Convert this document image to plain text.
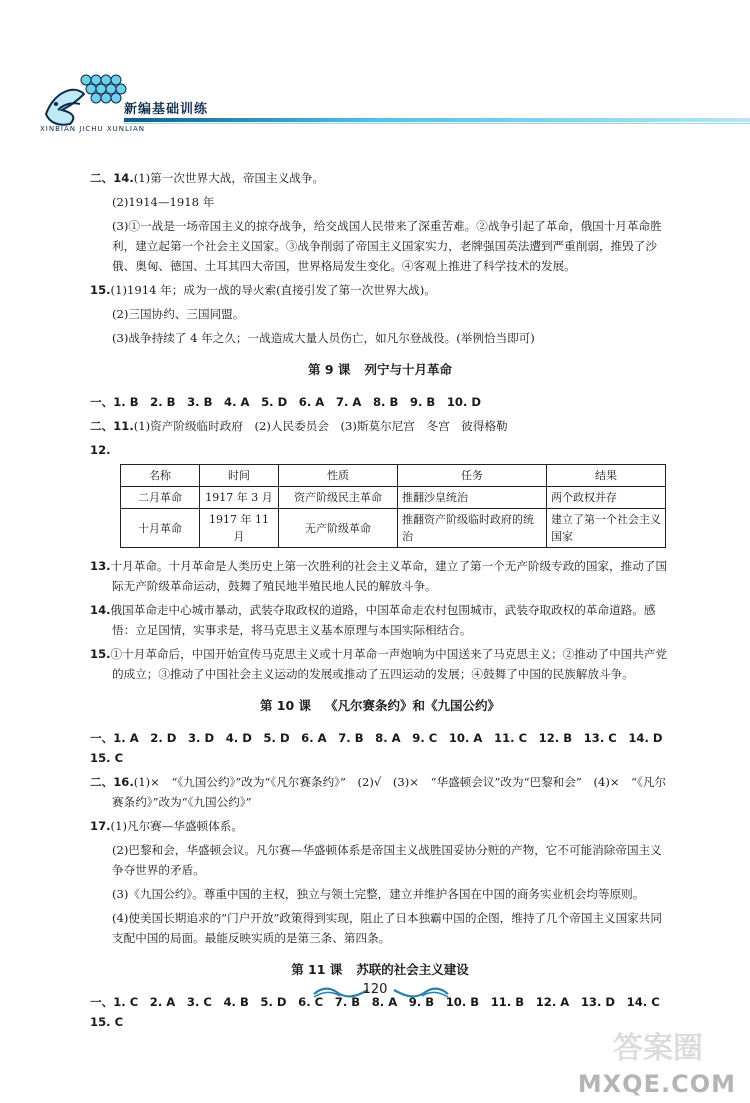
新编基础训练
XINBIAN JICHU XUNLIAN
二、14.(1)第一次世界大战，帝国主义战争。
(2)1914—1918 年
(3)①一战是一场帝国主义的掠夺战争，给交战国人民带来了深重苦难。②战争引起了革命，俄国十月革命胜利，建立起第一个社会主义国家。③战争削弱了帝国主义国家实力，老牌强国英法遭到严重削弱，推毁了沙俄、奥匈、德国、土耳其四大帝国，世界格局发生变化。④客观上推进了科学技术的发展。
15.(1)1914 年；成为一战的导火索(直接引发了第一次世界大战)。
(2)三国协约、三国同盟。
(3)战争持续了 4 年之久；一战造成大量人员伤亡，如凡尔登战役。(举例恰当即可)
第 9 课 列宁与十月革命
一、1. B　2. B　3. B　4. A　5. D　6. A　7. A　8. B　9. B　10. D
二、11.(1)资产阶级临时政府　(2)人民委员会　(3)斯莫尔尼宫　冬宫　彼得格勒
12.
名称	时间	性质	任务	结果
二月革命	1917 年 3 月	资产阶级民主革命	推翻沙皇统治	两个政权并存
十月革命	1917 年 11 月	无产阶级革命	推翻资产阶级临时政府的统治	建立了第一个社会主义国家
13.十月革命。十月革命是人类历史上第一次胜利的社会主义革命，建立了第一个无产阶级专政的国家，推动了国际无产阶级革命运动，鼓舞了殖民地半殖民地人民的解放斗争。
14.俄国革命走中心城市暴动，武装夺取政权的道路，中国革命走农村包围城市，武装夺取政权的革命道路。感悟：立足国情，实事求是，将马克思主义基本原理与本国实际相结合。
15.①十月革命后，中国开始宣传马克思主义或十月革命一声炮响为中国送来了马克思主义；②推动了中国共产党的成立；③推动了中国社会主义运动的发展或推动了五四运动的发展；④鼓舞了中国的民族解放斗争。
第 10 课 《凡尔赛条约》和《九国公约》
一、1. A　2. D　3. D　4. D　5. D　6. A　7. B　8. A　9. C　10. A　11. C　12. B　13. C　14. D　15. C
二、16.(1)×　“《九国公约》”改为“《凡尔赛条约》”　(2)√　(3)×　“华盛顿会议”改为“巴黎和会”　(4)×　“《凡尔赛条约》”改为“《九国公约》”
17.(1)凡尔赛—华盛顿体系。
(2)巴黎和会，华盛顿会议。凡尔赛—华盛顿体系是帝国主义战胜国妥协分赃的产物，它不可能消除帝国主义争夺世界的矛盾。
(3)《九国公约》。尊重中国的主权，独立与领土完整，建立并维护各国在中国的商务实业机会均等原则。
(4)使美国长期追求的“门户开放”政策得到实现，阻止了日本独霸中国的企图，维持了几个帝国主义国家共同支配中国的局面。最能反映实质的是第三条、第四条。
第 11 课 苏联的社会主义建设
一、1. C　2. A　3. C　4. B　5. D　6. C　7. B　8. A　9. B　10. B　11. B　12. A　13. D　14. C　15. C
120
答案圈
MXQE.COM
